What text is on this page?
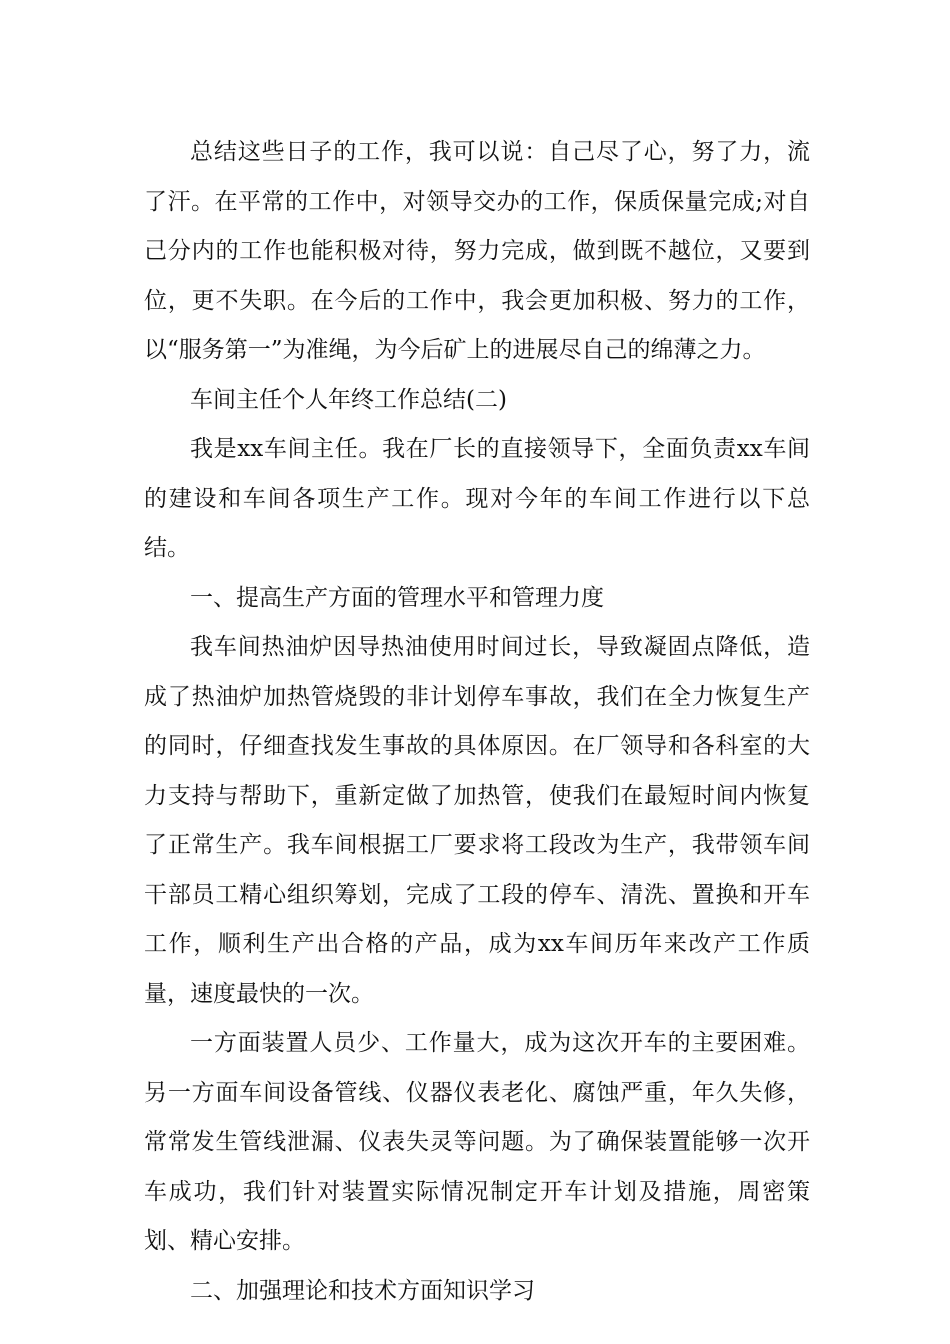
总结这些日子的工作，我可以说：自己尽了心，努了力，流了汗。在平常的工作中，对领导交办的工作，保质保量完成;对自己分内的工作也能积极对待，努力完成，做到既不越位，又要到位，更不失职。在今后的工作中，我会更加积极、努力的工作，以“服务第一”为准绳，为今后矿上的进展尽自己的绵薄之力。

车间主任个人年终工作总结(二)

我是xx车间主任。我在厂长的直接领导下，全面负责xx车间的建设和车间各项生产工作。现对今年的车间工作进行以下总结。

一、提高生产方面的管理水平和管理力度

我车间热油炉因导热油使用时间过长，导致凝固点降低，造成了热油炉加热管烧毁的非计划停车事故，我们在全力恢复生产的同时，仔细查找发生事故的具体原因。在厂领导和各科室的大力支持与帮助下，重新定做了加热管，使我们在最短时间内恢复了正常生产。我车间根据工厂要求将工段改为生产，我带领车间干部员工精心组织筹划，完成了工段的停车、清洗、置换和开车工作，顺利生产出合格的产品，成为xx车间历年来改产工作质量，速度最快的一次。

一方面装置人员少、工作量大，成为这次开车的主要困难。另一方面车间设备管线、仪器仪表老化、腐蚀严重，年久失修，常常发生管线泄漏、仪表失灵等问题。为了确保装置能够一次开车成功，我们针对装置实际情况制定开车计划及措施，周密策划、精心安排。

二、加强理论和技术方面知识学习
